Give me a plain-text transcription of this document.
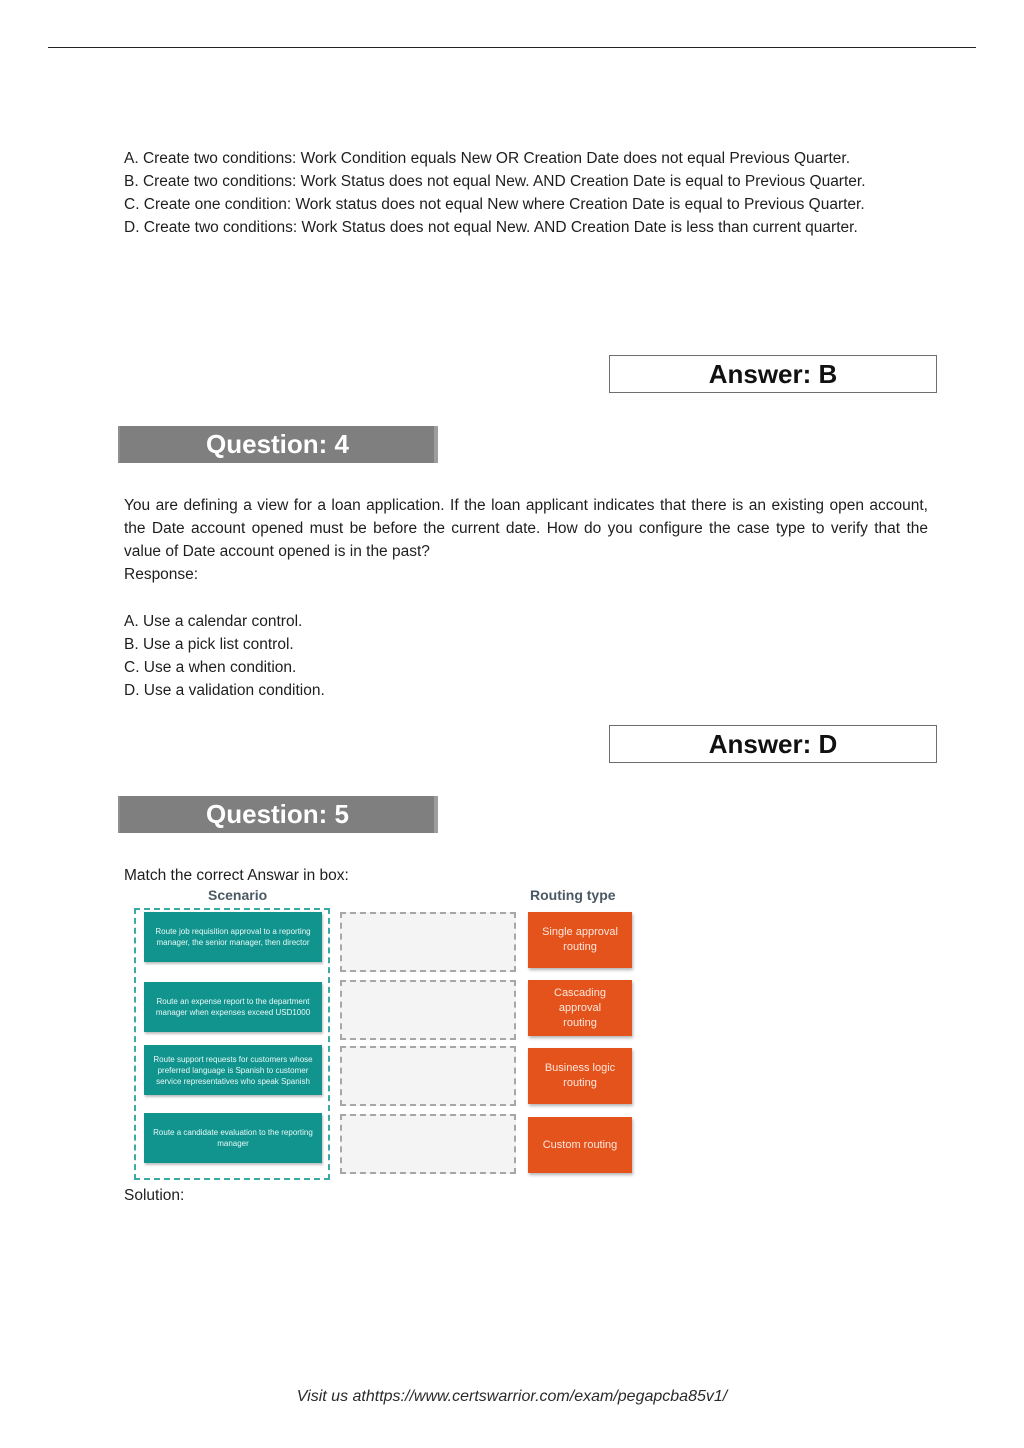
A. Create two conditions: Work Condition equals New OR Creation Date does not equal Previous Quarter.

B. Create two conditions: Work Status does not equal New. AND Creation Date is equal to Previous Quarter.

C. Create one condition: Work status does not equal New where Creation Date is equal to Previous Quarter.

D. Create two conditions: Work Status does not equal New. AND Creation Date is less than current quarter.

Answer: B
Question: 4

You are defining a view for a loan application. If the loan applicant indicates that there is an existing open account, the Date account opened must be before the current date. How do you configure the case type to verify that the value of Date account opened is in the past?

Response:

A. Use a calendar control.
B. Use a pick list control.
C. Use a when condition.
D. Use a validation condition.
Answer: D
Question: 5
Match the correct Answar in box:
Scenario	Routing type
Route job requisition approval to a reporting manager, the senior manager, then director
Route an expense report to the department manager when expenses exceed USD1000
Route support requests for customers whose preferred language is Spanish to customer service representatives who speak Spanish
Route a candidate evaluation to the reporting manager
Single approval routing
Cascading approval routing
Business logic routing
Custom routing
Solution:
Visit us athttps://www.certswarrior.com/exam/pegapcba85v1/
